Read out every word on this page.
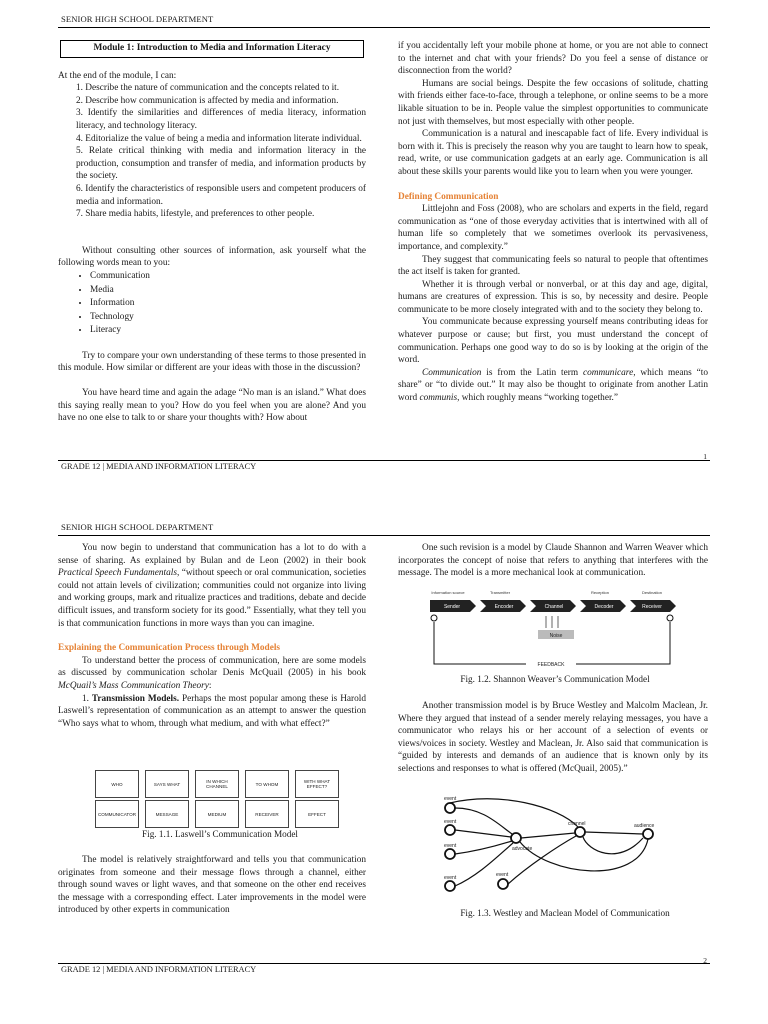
SENIOR HIGH SCHOOL DEPARTMENT
Module 1: Introduction to Media and Information Literacy

At the end of the module, I can:

1. Describe the nature of communication and the concepts related to it.
2. Describe how communication is affected by media and information.
3. Identify the similarities and differences of media literacy, information literacy, and technology literacy.
4. Editorialize the value of being a media and information literate individual.
5. Relate critical thinking with media and information literacy in the production, consumption and transfer of media, and information products by the society.
6. Identify the characteristics of responsible users and competent producers of media and information.
7. Share media habits, lifestyle, and preferences to other people.

Without consulting other sources of information, ask yourself what the following words mean to you:

• Communication
• Media
• Information
• Technology
• Literacy

Try to compare your own understanding of these terms to those presented in this module. How similar or different are your ideas with those in the discussion?

You have heard time and again the adage “No man is an island.” What does this saying really mean to you? How do you feel when you are alone? And you have no one else to talk to or share your thoughts with? How about

if you accidentally left your mobile phone at home, or you are not able to connect to the internet and chat with your friends? Do you feel a sense of distance or disconnection from the world?

Humans are social beings. Despite the few occasions of solitude, chatting with friends either face-to-face, through a telephone, or online seems to be a more likable situation to be in. People value the simplest opportunities to communicate not just with themselves, but most especially with other people.

Communication is a natural and inescapable fact of life. Every individual is born with it. This is precisely the reason why you are taught to learn how to speak, read, write, or use communication gadgets at an early age. Communication is all about these skills your parents would like you to learn when you were younger.

Defining Communication

Littlejohn and Foss (2008), who are scholars and experts in the field, regard communication as “one of those everyday activities that is intertwined with all of human life so completely that we sometimes overlook its pervasiveness, importance, and complexity.”

They suggest that communicating feels so natural to people that oftentimes the act itself is taken for granted.

Whether it is through verbal or nonverbal, or at this day and age, digital, humans are creatures of expression. This is so, by necessity and desire. People communicate to be more closely integrated with and to the society they belong to.

You communicate because expressing yourself means contributing ideas for whatever purpose or cause; but first, you must understand the concept of communication. Perhaps one good way to do so is by looking at the origin of the word.

Communication is from the Latin term communicare, which means “to share” or “to divide out.” It may also be thought to originate from another Latin word communis, which roughly means “working together.”

1
GRADE 12 | MEDIA AND INFORMATION LITERACY
SENIOR HIGH SCHOOL DEPARTMENT

You now begin to understand that communication has a lot to do with a sense of sharing. As explained by Bulan and de Leon (2002) in their book Practical Speech Fundamentals, “without speech or oral communication, societies could not attain levels of civilization; communities could not organize into living and working groups, mark and ritualize practices and traditions, debate and decide difficult issues, and transform society for its good.” Essentially, what they tell you is that communication functions in more ways than you can imagine.

Explaining the Communication Process through Models

To understand better the process of communication, here are some models as discussed by communication scholar Denis McQuail (2005) in his book McQuail’s Mass Communication Theory:

1. Transmission Models. Perhaps the most popular among these is Harold Laswell’s representation of communication as an attempt to answer the question “Who says what to whom, through what medium, and with what effect?”

WHO	SAYS WHAT	IN WHICH CHANNEL	TO WHOM	WITH WHAT EFFECT?
COMMUNICATOR	MESSAGE	MEDIUM	RECEIVER	EFFECT
Fig. 1.1. Laswell’s Communication Model

The model is relatively straightforward and tells you that communication originates from someone and their message flows through a channel, either through sound waves or light waves, and that someone on the other end receives the message with a corresponding effect. Later improvements in the model were introduced by other experts in communication

One such revision is a model by Claude Shannon and Warren Weaver which incorporates the concept of noise that refers to anything that interferes with the message. The model is a more mechanical look at communication.

Information source	Transmitter	Reception	Destination
Sender	Encoder	Channel	Decoder	Receiver
Noise
FEEDBACK
Fig. 1.2. Shannon Weaver’s Communication Model

Another transmission model is by Bruce Westley and Malcolm Maclean, Jr. Where they argued that instead of a sender merely relaying messages, you have a communicator who relays his or her account of a selection of events or views/voices in society. Westley and Maclean, Jr. Also said that communication is “guided by interests and demands of an audience that is known only by its selections and responses to what is offered (McQuail, 2005).”

event
event
event
event	event
advocate
channel	audience
Fig. 1.3. Westley and Maclean Model of Communication
2
GRADE 12 | MEDIA AND INFORMATION LITERACY
